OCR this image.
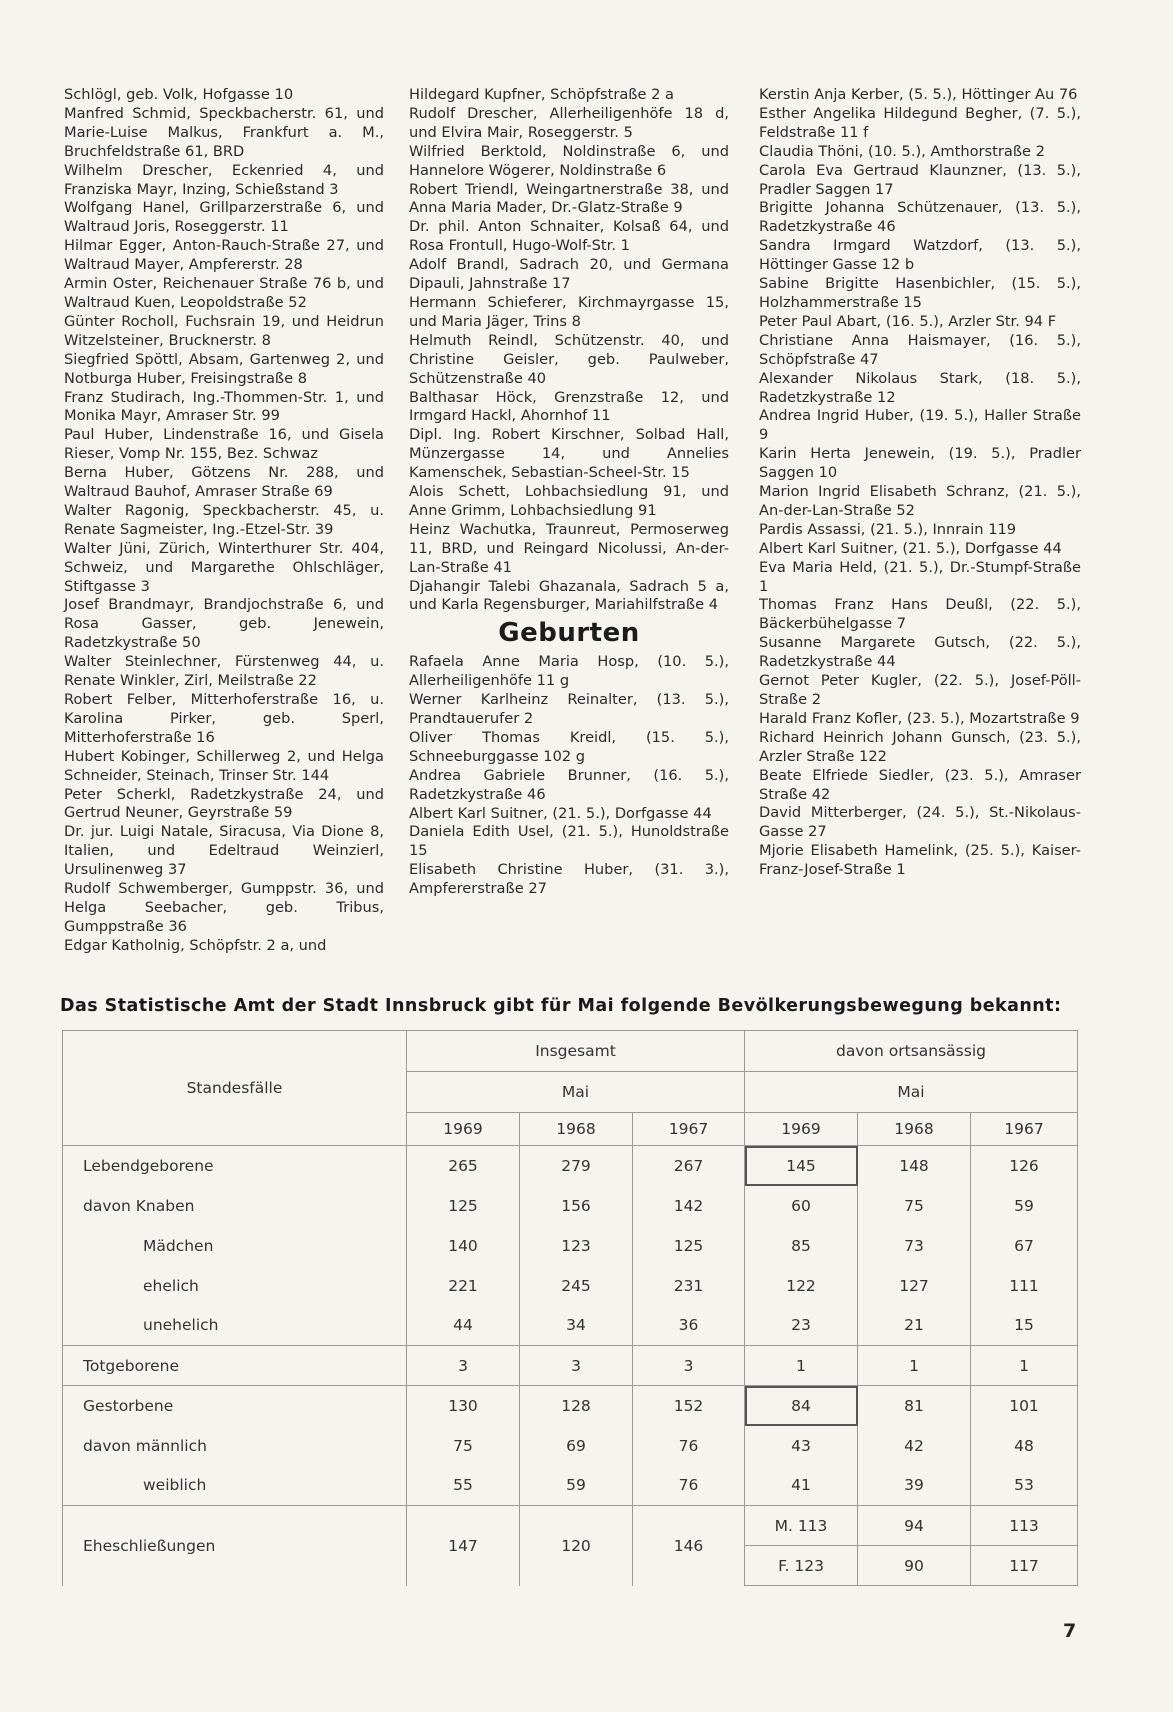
Schlögl, geb. Volk, Hofgasse 10

Manfred Schmid, Speckbacherstr. 61, und Marie-Luise Malkus, Frankfurt a. M., Bruchfeldstraße 61, BRD

Wilhelm Drescher, Eckenried 4, und Franziska Mayr, Inzing, Schießstand 3

Wolfgang Hanel, Grillparzerstraße 6, und Waltraud Joris, Roseggerstr. 11

Hilmar Egger, Anton-Rauch-Straße 27, und Waltraud Mayer, Ampfererstr. 28

Armin Oster, Reichenauer Straße 76 b, und Waltraud Kuen, Leopoldstraße 52

Günter Rocholl, Fuchsrain 19, und Heidrun Witzelsteiner, Brucknerstr. 8

Siegfried Spöttl, Absam, Gartenweg 2, und Notburga Huber, Freisingstraße 8

Franz Studirach, Ing.-Thommen-Str. 1, und Monika Mayr, Amraser Str. 99

Paul Huber, Lindenstraße 16, und Gisela Rieser, Vomp Nr. 155, Bez. Schwaz

Berna Huber, Götzens Nr. 288, und Waltraud Bauhof, Amraser Straße 69

Walter Ragonig, Speckbacherstr. 45, u. Renate Sagmeister, Ing.-Etzel-Str. 39

Walter Jüni, Zürich, Winterthurer Str. 404, Schweiz, und Margarethe Ohlschläger, Stiftgasse 3

Josef Brandmayr, Brandjochstraße 6, und Rosa Gasser, geb. Jenewein, Radetzkystraße 50

Walter Steinlechner, Fürstenweg 44, u. Renate Winkler, Zirl, Meilstraße 22

Robert Felber, Mitterhoferstraße 16, u. Karolina Pirker, geb. Sperl, Mitterhoferstraße 16

Hubert Kobinger, Schillerweg 2, und Helga Schneider, Steinach, Trinser Str. 144

Peter Scherkl, Radetzkystraße 24, und Gertrud Neuner, Geyrstraße 59

Dr. jur. Luigi Natale, Siracusa, Via Dione 8, Italien, und Edeltraud Weinzierl, Ursulinenweg 37

Rudolf Schwemberger, Gumppstr. 36, und Helga Seebacher, geb. Tribus, Gumppstraße 36

Edgar Katholnig, Schöpfstr. 2 a, und

Hildegard Kupfner, Schöpfstraße 2 a

Rudolf Drescher, Allerheiligenhöfe 18 d, und Elvira Mair, Roseggerstr. 5

Wilfried Berktold, Noldinstraße 6, und Hannelore Wögerer, Noldinstraße 6

Robert Triendl, Weingartnerstraße 38, und Anna Maria Mader, Dr.-Glatz-Straße 9

Dr. phil. Anton Schnaiter, Kolsaß 64, und Rosa Frontull, Hugo-Wolf-Str. 1

Adolf Brandl, Sadrach 20, und Germana Dipauli, Jahnstraße 17

Hermann Schieferer, Kirchmayrgasse 15, und Maria Jäger, Trins 8

Helmuth Reindl, Schützenstr. 40, und Christine Geisler, geb. Paulweber, Schützenstraße 40

Balthasar Höck, Grenzstraße 12, und Irmgard Hackl, Ahornhof 11

Dipl. Ing. Robert Kirschner, Solbad Hall, Münzergasse 14, und Annelies Kamenschek, Sebastian-Scheel-Str. 15

Alois Schett, Lohbachsiedlung 91, und Anne Grimm, Lohbachsiedlung 91

Heinz Wachutka, Traunreut, Permoserweg 11, BRD, und Reingard Nicolussi, An-der-Lan-Straße 41

Djahangir Talebi Ghazanala, Sadrach 5 a, und Karla Regensburger, Mariahilfstraße 4

Geburten

Rafaela Anne Maria Hosp, (10. 5.), Allerheiligenhöfe 11 g

Werner Karlheinz Reinalter, (13. 5.), Prandtauerufer 2

Oliver Thomas Kreidl, (15. 5.), Schneeburggasse 102 g

Andrea Gabriele Brunner, (16. 5.), Radetzkystraße 46

Albert Karl Suitner, (21. 5.), Dorfgasse 44

Daniela Edith Usel, (21. 5.), Hunoldstraße 15

Elisabeth Christine Huber, (31. 3.), Ampfererstraße 27

Kerstin Anja Kerber, (5. 5.), Höttinger Au 76

Esther Angelika Hildegund Begher, (7. 5.), Feldstraße 11 f

Claudia Thöni, (10. 5.), Amthorstraße 2

Carola Eva Gertraud Klaunzner, (13. 5.), Pradler Saggen 17

Brigitte Johanna Schützenauer, (13. 5.), Radetzkystraße 46

Sandra Irmgard Watzdorf, (13. 5.), Höttinger Gasse 12 b

Sabine Brigitte Hasenbichler, (15. 5.), Holzhammerstraße 15

Peter Paul Abart, (16. 5.), Arzler Str. 94 F

Christiane Anna Haismayer, (16. 5.), Schöpfstraße 47

Alexander Nikolaus Stark, (18. 5.), Radetzkystraße 12

Andrea Ingrid Huber, (19. 5.), Haller Straße 9

Karin Herta Jenewein, (19. 5.), Pradler Saggen 10

Marion Ingrid Elisabeth Schranz, (21. 5.), An-der-Lan-Straße 52

Pardis Assassi, (21. 5.), Innrain 119

Albert Karl Suitner, (21. 5.), Dorfgasse 44

Eva Maria Held, (21. 5.), Dr.-Stumpf-Straße 1

Thomas Franz Hans Deußl, (22. 5.), Bäckerbühelgasse 7

Susanne Margarete Gutsch, (22. 5.), Radetzkystraße 44

Gernot Peter Kugler, (22. 5.), Josef-Pöll-Straße 2

Harald Franz Kofler, (23. 5.), Mozartstraße 9

Richard Heinrich Johann Gunsch, (23. 5.), Arzler Straße 122

Beate Elfriede Siedler, (23. 5.), Amraser Straße 42

David Mitterberger, (24. 5.), St.-Nikolaus-Gasse 27

Mjorie Elisabeth Hamelink, (25. 5.), Kaiser-Franz-Josef-Straße 1

Das Statistische Amt der Stadt Innsbruck gibt für Mai folgende Bevölkerungsbewegung bekannt:
Standesfälle	Insgesamt			davon ortsansässig		
	Mai			Mai		
	1969	1968	1967	1969	1968	1967
Lebendgeborene	265	279	267	145	148	126
davon Knaben	125	156	142	60	75	59
Mädchen	140	123	125	85	73	67
ehelich	221	245	231	122	127	111
unehelich	44	34	36	23	21	15
Totgeborene	3	3	3	1	1	1
Gestorbene	130	128	152	84	81	101
davon männlich	75	69	76	43	42	48
weiblich	55	59	76	41	39	53
Eheschließungen	147	120	146	M. 113	94	113
				F. 123	90	117
7
